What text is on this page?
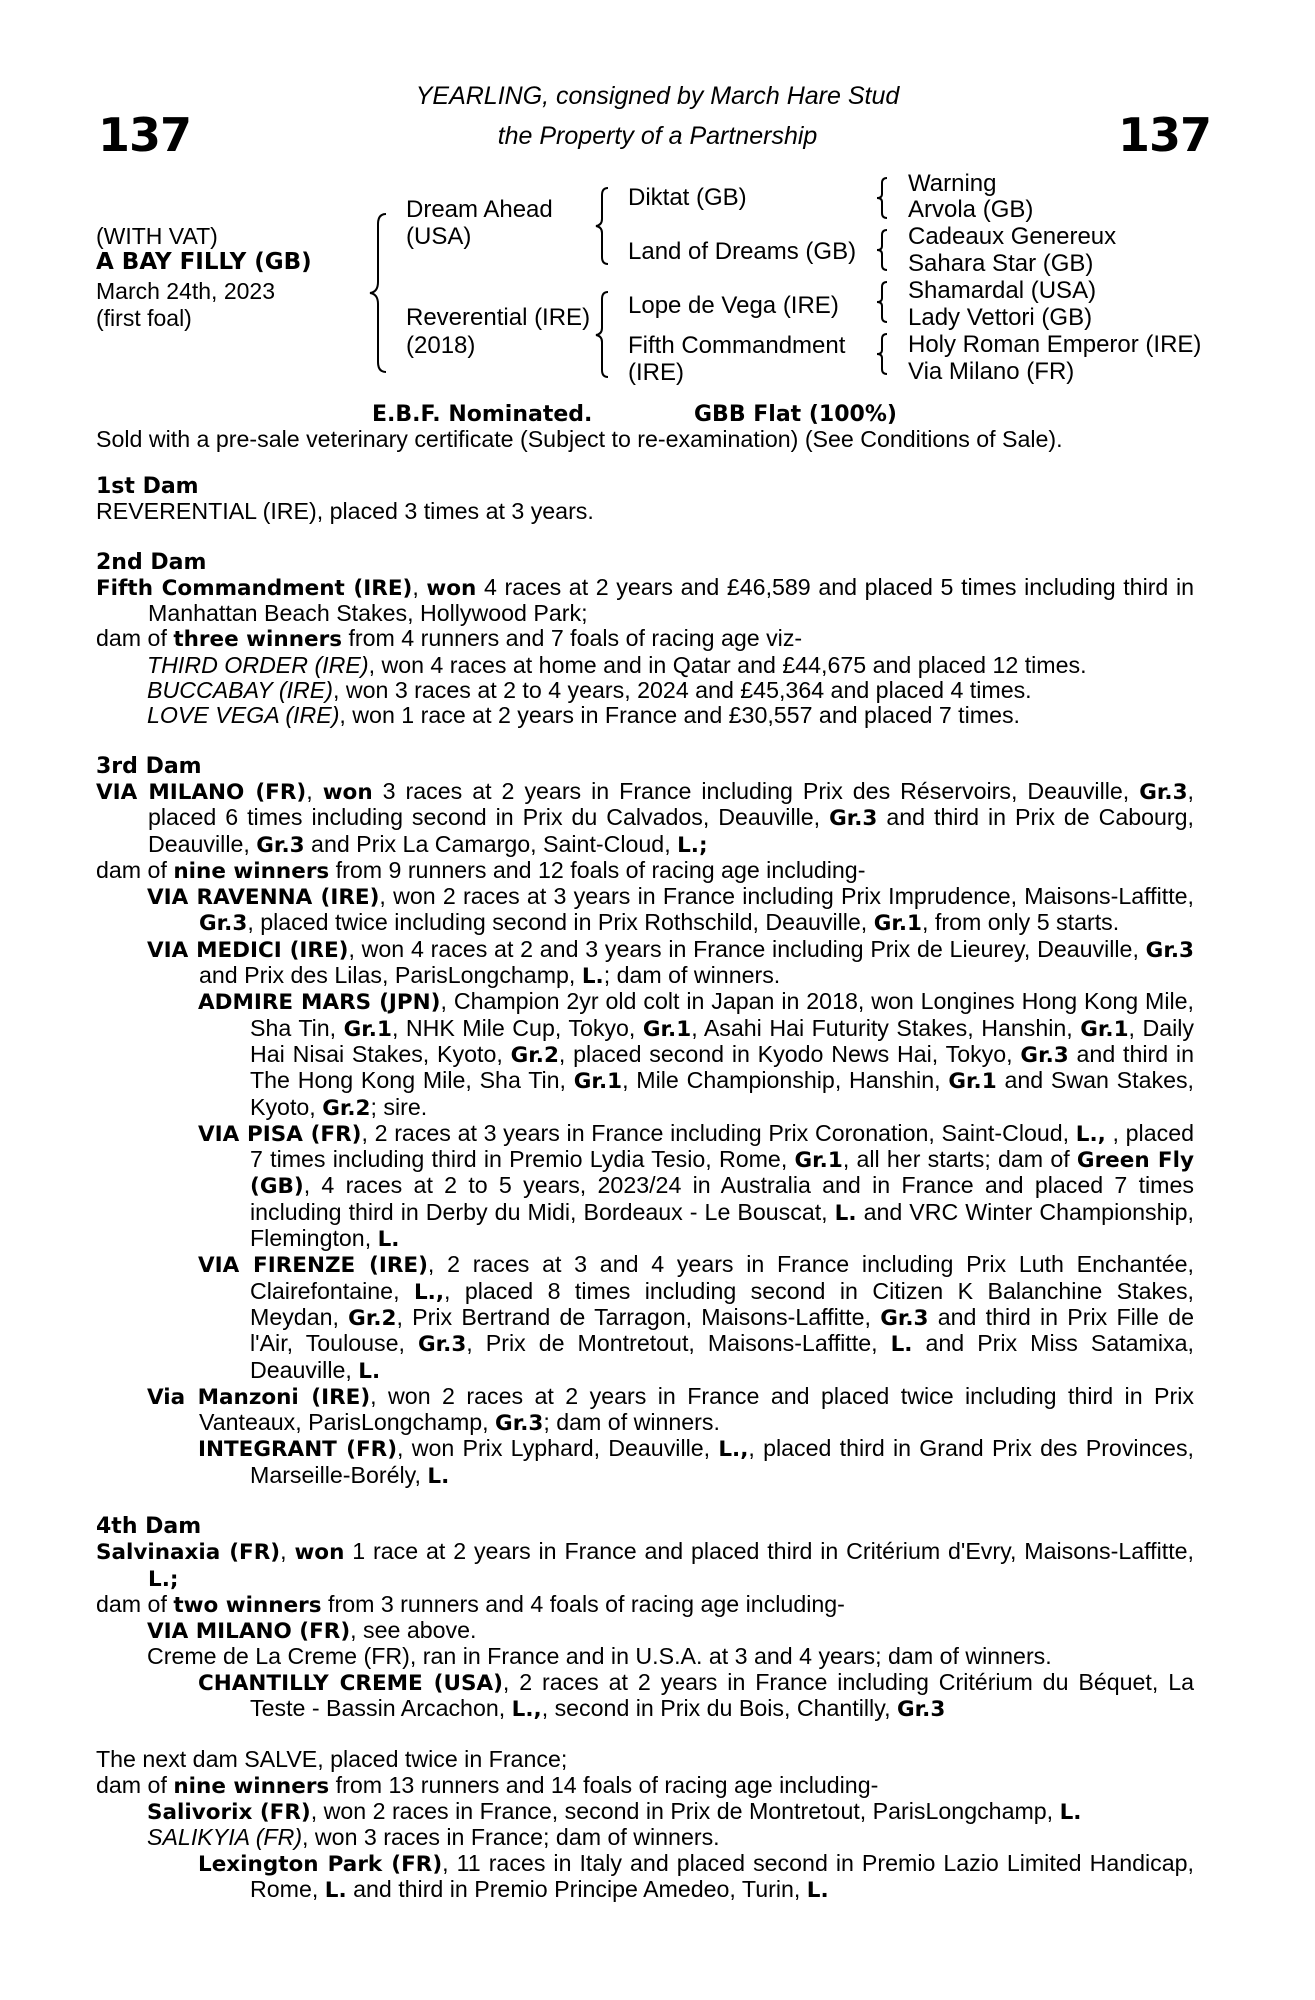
137	137
YEARLING, consigned by March Hare Stud
the Property of a Partnership
(WITH VAT)
A BAY FILLY (GB)
March 24th, 2023
(first foal)
Dream Ahead
(USA)
Reverential (IRE)
(2018)
Diktat (GB)
Land of Dreams (GB)
Lope de Vega (IRE)
Fifth Commandment
(IRE)
Warning
Arvola (GB)
Cadeaux Genereux
Sahara Star (GB)
Shamardal (USA)
Lady Vettori (GB)
Holy Roman Emperor (IRE)
Via Milano (FR)
E.B.F. Nominated.	GBB Flat (100%)
Sold with a pre-sale veterinary certificate (Subject to re-examination) (See Conditions of Sale).
1st Dam
REVERENTIAL (IRE), placed 3 times at 3 years.
2nd Dam
Fifth Commandment (IRE), won 4 races at 2 years and £46,589 and placed 5 times including third in Manhattan Beach Stakes, Hollywood Park;
dam of three winners from 4 runners and 7 foals of racing age viz-
THIRD ORDER (IRE), won 4 races at home and in Qatar and £44,675 and placed 12 times.
BUCCABAY (IRE), won 3 races at 2 to 4 years, 2024 and £45,364 and placed 4 times.
LOVE VEGA (IRE), won 1 race at 2 years in France and £30,557 and placed 7 times.
3rd Dam
VIA MILANO (FR), won 3 races at 2 years in France including Prix des Réservoirs, Deauville, Gr.3, placed 6 times including second in Prix du Calvados, Deauville, Gr.3 and third in Prix de Cabourg, Deauville, Gr.3 and Prix La Camargo, Saint-Cloud, L.;
dam of nine winners from 9 runners and 12 foals of racing age including-
VIA RAVENNA (IRE), won 2 races at 3 years in France including Prix Imprudence, Maisons-Laffitte, Gr.3, placed twice including second in Prix Rothschild, Deauville, Gr.1, from only 5 starts.
VIA MEDICI (IRE), won 4 races at 2 and 3 years in France including Prix de Lieurey, Deauville, Gr.3 and Prix des Lilas, ParisLongchamp, L.; dam of winners.
ADMIRE MARS (JPN), Champion 2yr old colt in Japan in 2018, won Longines Hong Kong Mile, Sha Tin, Gr.1, NHK Mile Cup, Tokyo, Gr.1, Asahi Hai Futurity Stakes, Hanshin, Gr.1, Daily Hai Nisai Stakes, Kyoto, Gr.2, placed second in Kyodo News Hai, Tokyo, Gr.3 and third in The Hong Kong Mile, Sha Tin, Gr.1, Mile Championship, Hanshin, Gr.1 and Swan Stakes, Kyoto, Gr.2; sire.
VIA PISA (FR), 2 races at 3 years in France including Prix Coronation, Saint-Cloud, L., , placed 7 times including third in Premio Lydia Tesio, Rome, Gr.1, all her starts; dam of Green Fly (GB), 4 races at 2 to 5 years, 2023/24 in Australia and in France and placed 7 times including third in Derby du Midi, Bordeaux - Le Bouscat, L. and VRC Winter Championship, Flemington, L.
VIA FIRENZE (IRE), 2 races at 3 and 4 years in France including Prix Luth Enchantée, Clairefontaine, L.,, placed 8 times including second in Citizen K Balanchine Stakes, Meydan, Gr.2, Prix Bertrand de Tarragon, Maisons-Laffitte, Gr.3 and third in Prix Fille de l'Air, Toulouse, Gr.3, Prix de Montretout, Maisons-Laffitte, L. and Prix Miss Satamixa, Deauville, L.
Via Manzoni (IRE), won 2 races at 2 years in France and placed twice including third in Prix Vanteaux, ParisLongchamp, Gr.3; dam of winners.
INTEGRANT (FR), won Prix Lyphard, Deauville, L.,, placed third in Grand Prix des Provinces, Marseille-Borély, L.
4th Dam
Salvinaxia (FR), won 1 race at 2 years in France and placed third in Critérium d'Evry, Maisons-Laffitte, L.;
dam of two winners from 3 runners and 4 foals of racing age including-
VIA MILANO (FR), see above.
Creme de La Creme (FR), ran in France and in U.S.A. at 3 and 4 years; dam of winners.
CHANTILLY CREME (USA), 2 races at 2 years in France including Critérium du Béquet, La Teste - Bassin Arcachon, L.,, second in Prix du Bois, Chantilly, Gr.3
The next dam SALVE, placed twice in France;
dam of nine winners from 13 runners and 14 foals of racing age including-
Salivorix (FR), won 2 races in France, second in Prix de Montretout, ParisLongchamp, L.
SALIKYIA (FR), won 3 races in France; dam of winners.
Lexington Park (FR), 11 races in Italy and placed second in Premio Lazio Limited Handicap, Rome, L. and third in Premio Principe Amedeo, Turin, L.
